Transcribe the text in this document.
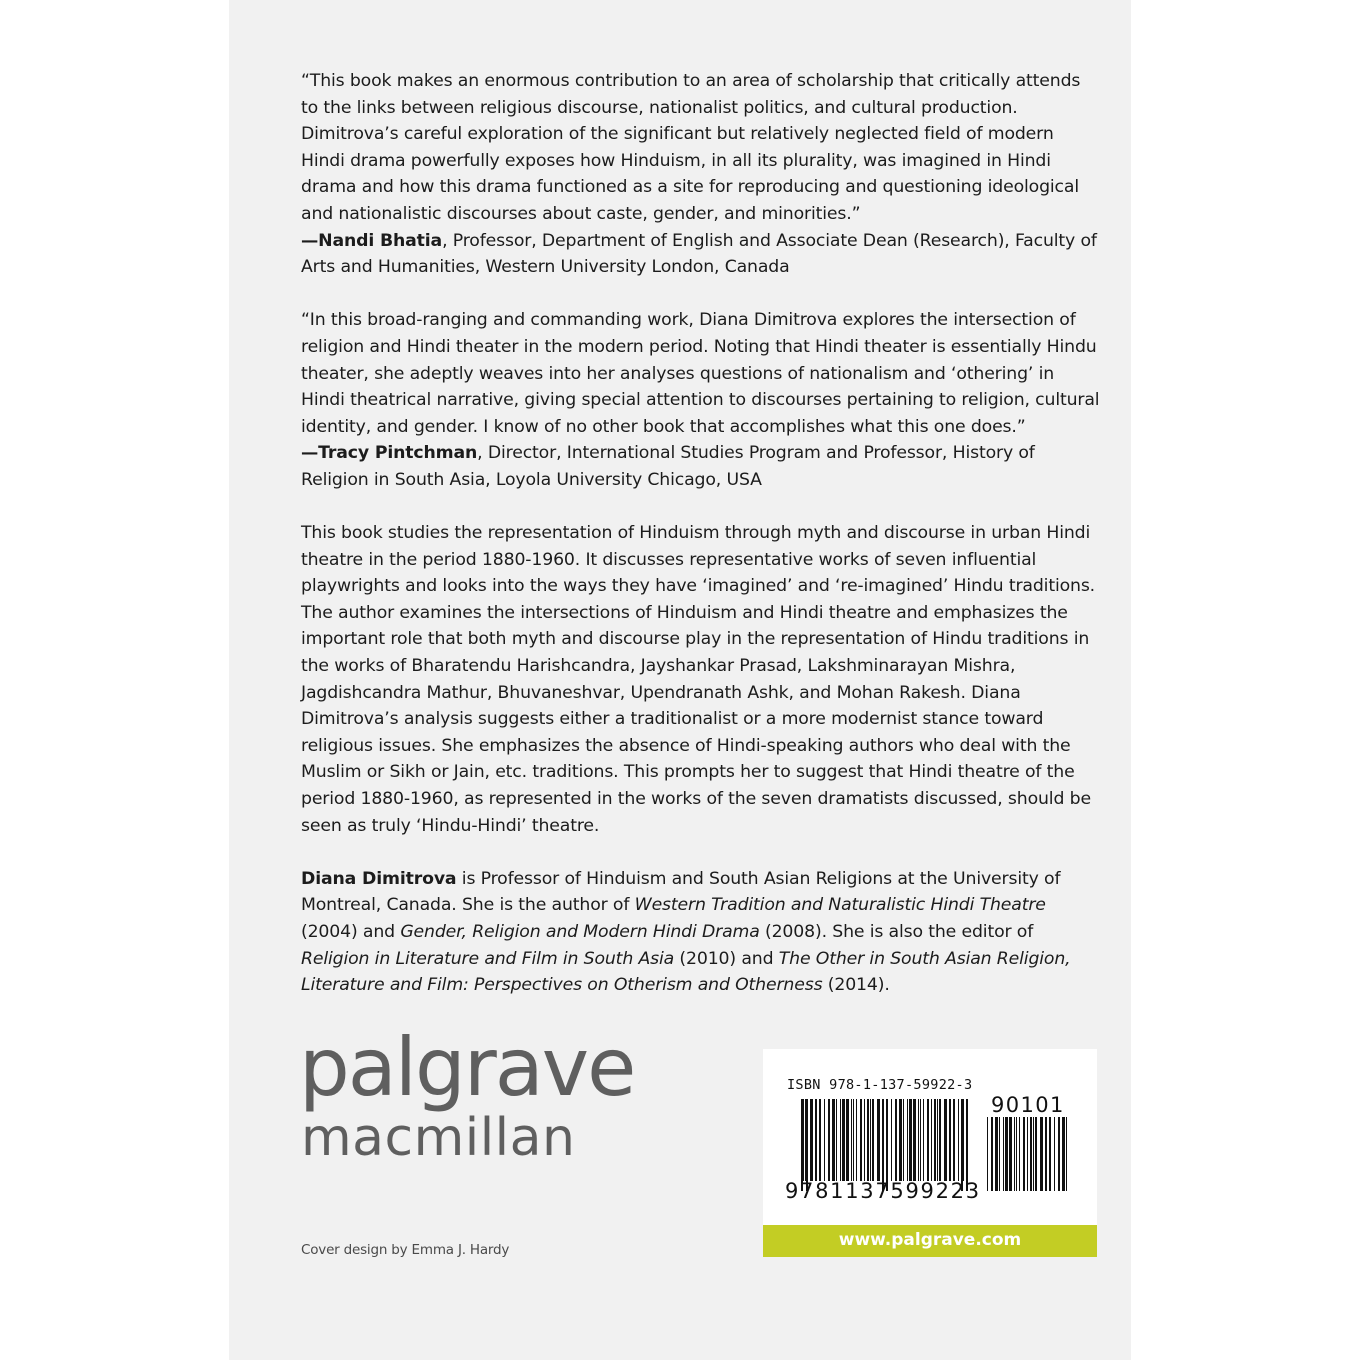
“This book makes an enormous contribution to an area of scholarship that critically attends to the links between religious discourse, nationalist politics, and cultural production. Dimitrova’s careful exploration of the significant but relatively neglected field of modern Hindi drama powerfully exposes how Hinduism, in all its plurality, was imagined in Hindi drama and how this drama functioned as a site for reproducing and questioning ideological and nationalistic discourses about caste, gender, and minorities.”
—Nandi Bhatia, Professor, Department of English and Associate Dean (Research), Faculty of Arts and Humanities, Western University London, Canada

“In this broad-ranging and commanding work, Diana Dimitrova explores the intersection of religion and Hindi theater in the modern period. Noting that Hindi theater is essentially Hindu theater, she adeptly weaves into her analyses questions of nationalism and ‘othering’ in Hindi theatrical narrative, giving special attention to discourses pertaining to religion, cultural identity, and gender. I know of no other book that accomplishes what this one does.”
—Tracy Pintchman, Director, International Studies Program and Professor, History of Religion in South Asia, Loyola University Chicago, USA

This book studies the representation of Hinduism through myth and discourse in urban Hindi theatre in the period 1880-1960. It discusses representative works of seven influential playwrights and looks into the ways they have ‘imagined’ and ‘re-imagined’ Hindu traditions. The author examines the intersections of Hinduism and Hindi theatre and emphasizes the important role that both myth and discourse play in the representation of Hindu traditions in the works of Bharatendu Harishcandra, Jayshankar Prasad, Lakshminarayan Mishra, Jagdishcandra Mathur, Bhuvaneshvar, Upendranath Ashk, and Mohan Rakesh. Diana Dimitrova’s analysis suggests either a traditionalist or a more modernist stance toward religious issues. She emphasizes the absence of Hindi-speaking authors who deal with the Muslim or Sikh or Jain, etc. traditions. This prompts her to suggest that Hindi theatre of the period 1880-1960, as represented in the works of the seven dramatists discussed, should be seen as truly ‘Hindu-Hindi’ theatre.

Diana Dimitrova is Professor of Hinduism and South Asian Religions at the University of Montreal, Canada. She is the author of Western Tradition and Naturalistic Hindi Theatre (2004) and Gender, Religion and Modern Hindi Drama (2008). She is also the editor of Religion in Literature and Film in South Asia (2010) and The Other in South Asian Religion, Literature and Film: Perspectives on Otherism and Otherness (2014).

palgrave
macmillan
Cover design by Emma J. Hardy
ISBN 978-1-137-59922-3
9781137599223
90101
www.palgrave.com
